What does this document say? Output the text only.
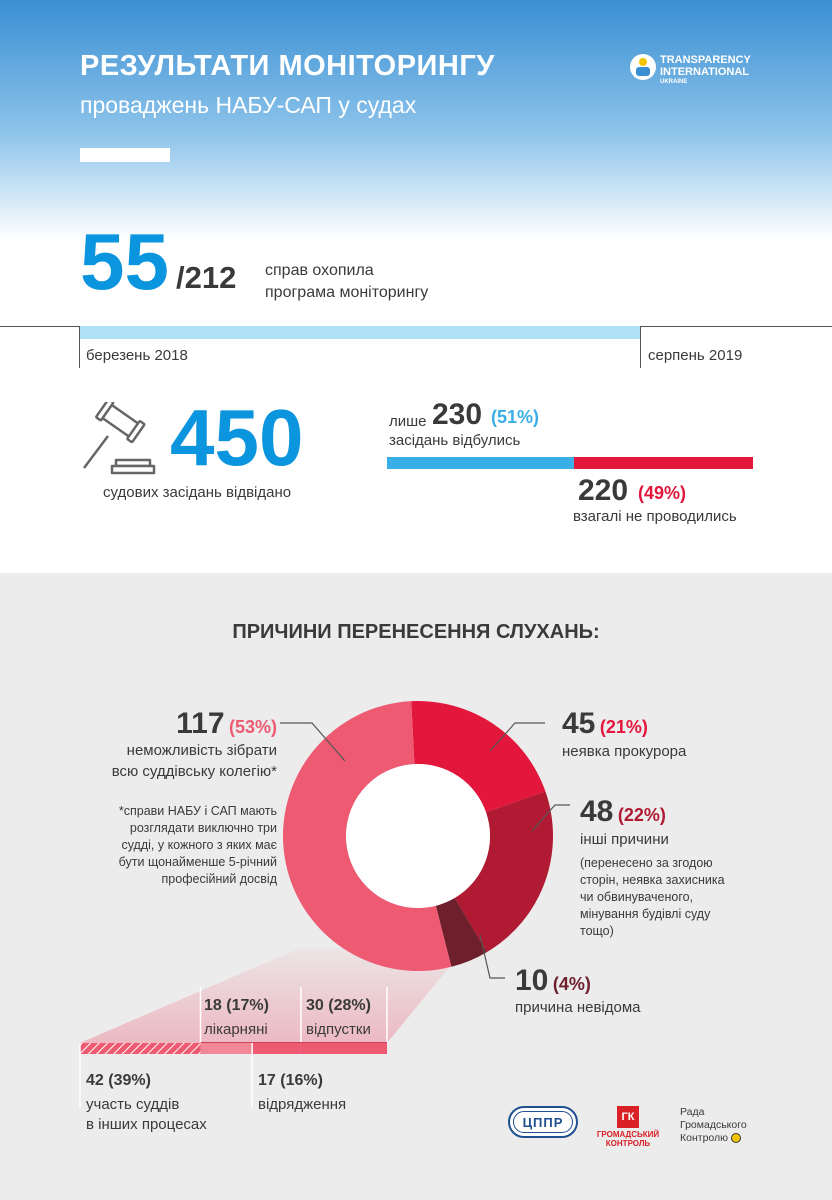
РЕЗУЛЬТАТИ МОНІТОРИНГУ
проваджень НАБУ-САП у судах
TRANSPARENCY
INTERNATIONAL
UKRAINE
55 /212 справ охопила
програма моніторингу
березень 2018	серпень 2019
450
судових засідань відвідано
лише 230 (51%)
засідань відбулись
220 (49%)
взагалі не проводились
ПРИЧИНИ ПЕРЕНЕСЕННЯ СЛУХАНЬ:
117 (53%)
неможливість зібрати
всю суддівську колегію*
*справи НАБУ і САП мають
розглядати виключно три
судді, у кожного з яких має
бути щонайменше 5-річний
професійний досвід
45 (21%)
неявка прокурора
48 (22%)
інші причини
(перенесено за згодою
сторін, неявка захисника
чи обвинуваченого,
мінування будівлі суду
тощо)
10 (4%)
причина невідома
18 (17%)
лікарняні
30 (28%)
відпустки
42 (39%)
участь суддів
в інших процесах
17 (16%)
відрядження
ЦППР	ГК
ГРОМАДСЬКИЙ
КОНТРОЛЬ
Рада
Громадського
Контролю
